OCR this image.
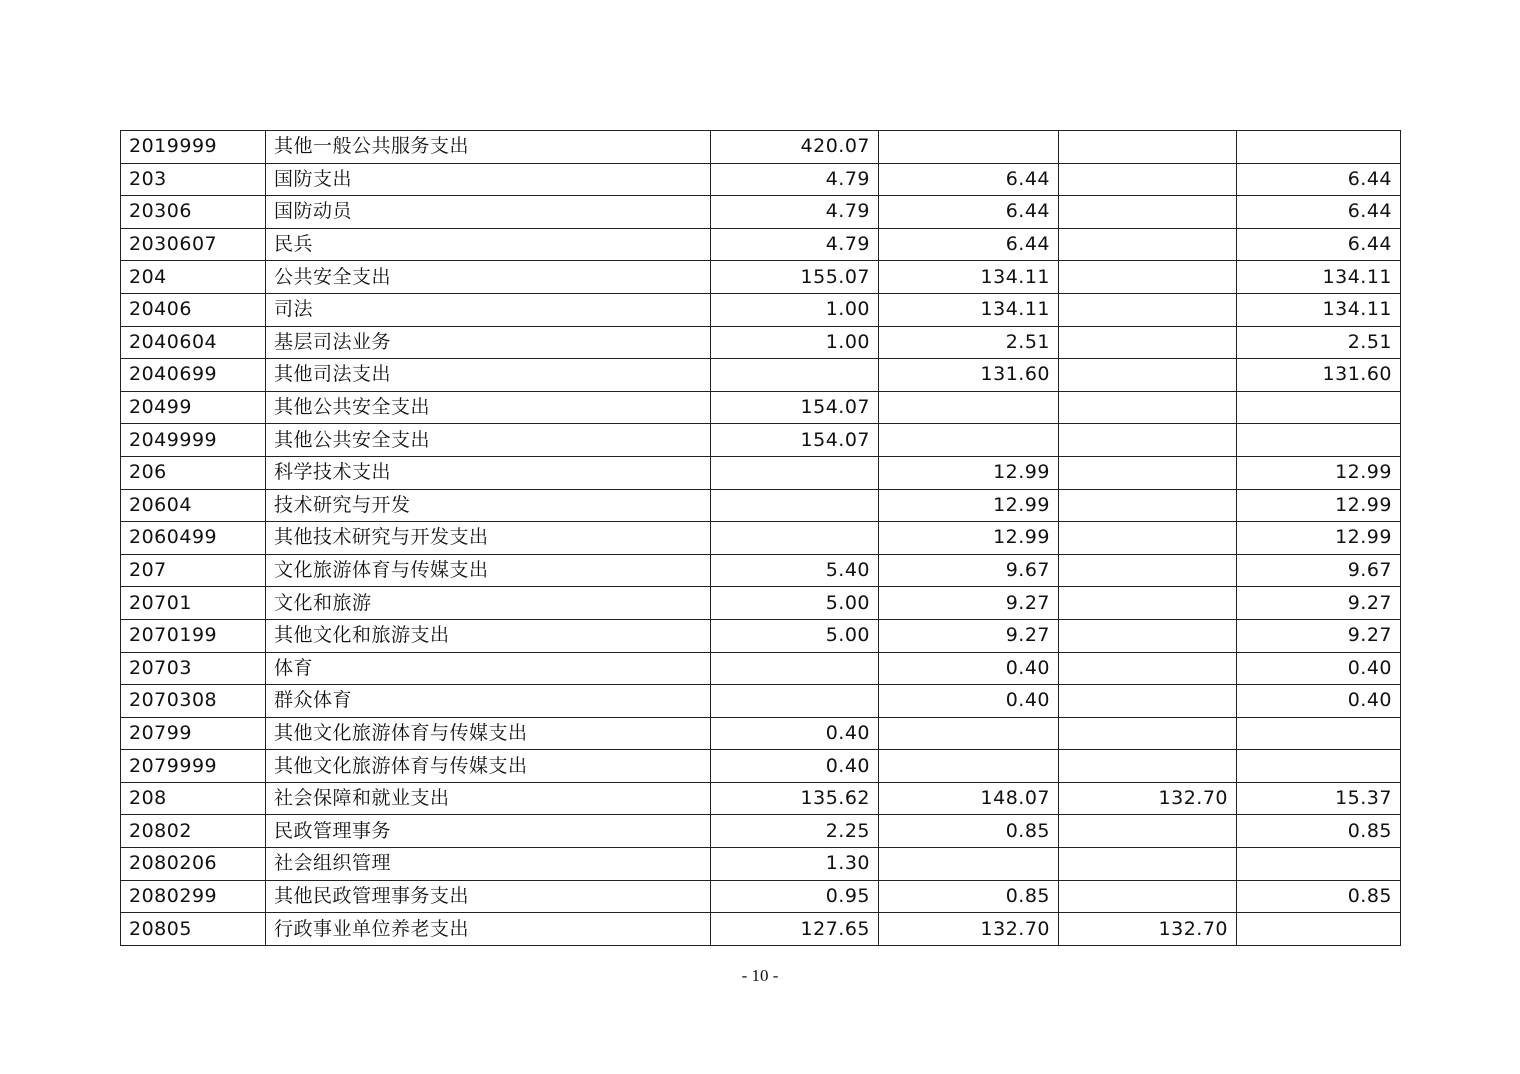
2019999	其他一般公共服务支出	420.07			
203	国防支出	4.79	6.44		6.44
20306	国防动员	4.79	6.44		6.44
2030607	民兵	4.79	6.44		6.44
204	公共安全支出	155.07	134.11		134.11
20406	司法	1.00	134.11		134.11
2040604	基层司法业务	1.00	2.51		2.51
2040699	其他司法支出		131.60		131.60
20499	其他公共安全支出	154.07			
2049999	其他公共安全支出	154.07			
206	科学技术支出		12.99		12.99
20604	技术研究与开发		12.99		12.99
2060499	其他技术研究与开发支出		12.99		12.99
207	文化旅游体育与传媒支出	5.40	9.67		9.67
20701	文化和旅游	5.00	9.27		9.27
2070199	其他文化和旅游支出	5.00	9.27		9.27
20703	体育		0.40		0.40
2070308	群众体育		0.40		0.40
20799	其他文化旅游体育与传媒支出	0.40			
2079999	其他文化旅游体育与传媒支出	0.40			
208	社会保障和就业支出	135.62	148.07	132.70	15.37
20802	民政管理事务	2.25	0.85		0.85
2080206	社会组织管理	1.30			
2080299	其他民政管理事务支出	0.95	0.85		0.85
20805	行政事业单位养老支出	127.65	132.70	132.70	
- 10 -
